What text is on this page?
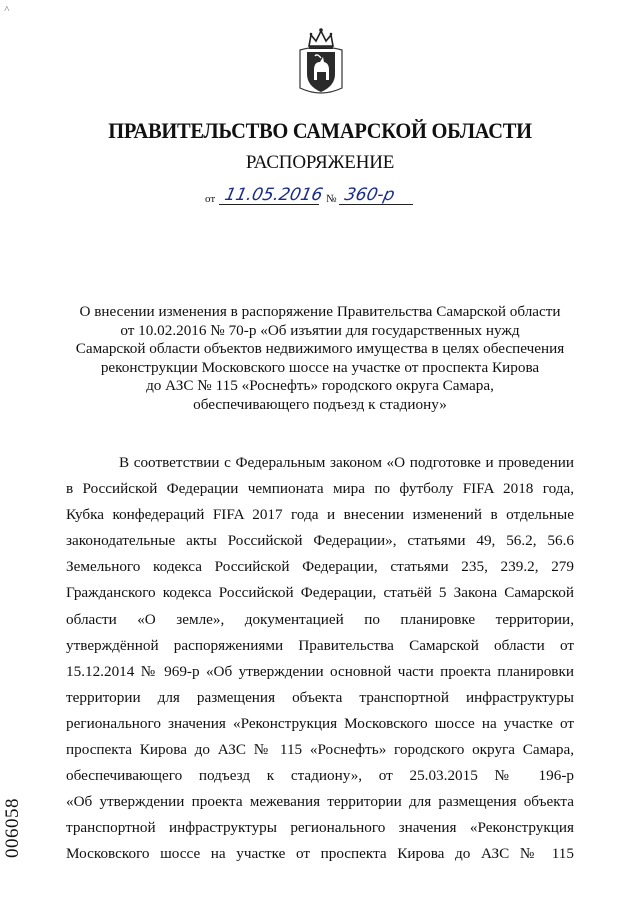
˄
ПРАВИТЕЛЬСТВО САМАРСКОЙ ОБЛАСТИ
РАСПОРЯЖЕНИЕ
от 11.05.2016 № 360-р
О внесении изменения в распоряжение Правительства Самарской области
от 10.02.2016 № 70-р «Об изъятии для государственных нужд
Самарской области объектов недвижимого имущества в целях обеспечения
реконструкции Московского шоссе на участке от проспекта Кирова
до АЗС № 115 «Роснефть» городского округа Самара,
обеспечивающего подъезд к стадиону»
В соответствии с Федеральным законом «О подготовке и проведении
в Российской Федерации чемпионата мира по футболу FIFA 2018 года,
Кубка конфедераций FIFA 2017 года и внесении изменений в отдельные
законодательные акты Российской Федерации», статьями 49, 56.2, 56.6
Земельного кодекса Российской Федерации, статьями 235, 239.2, 279
Гражданского кодекса Российской Федерации, статьёй 5 Закона Самарской
области «О земле», документацией по планировке территории,
утверждённой распоряжениями Правительства Самарской области от
15.12.2014 № 969-р «Об утверждении основной части проекта планировки
территории для размещения объекта транспортной инфраструктуры
регионального значения «Реконструкция Московского шоссе на участке от
проспекта Кирова до АЗС № 115 «Роснефть» городского округа Самара,
обеспечивающего подъезд к стадиону», от 25.03.2015 № 196-р
«Об утверждении проекта межевания территории для размещения объекта
транспортной инфраструктуры регионального значения «Реконструкция
Московского шоссе на участке от проспекта Кирова до АЗС № 115
006058
